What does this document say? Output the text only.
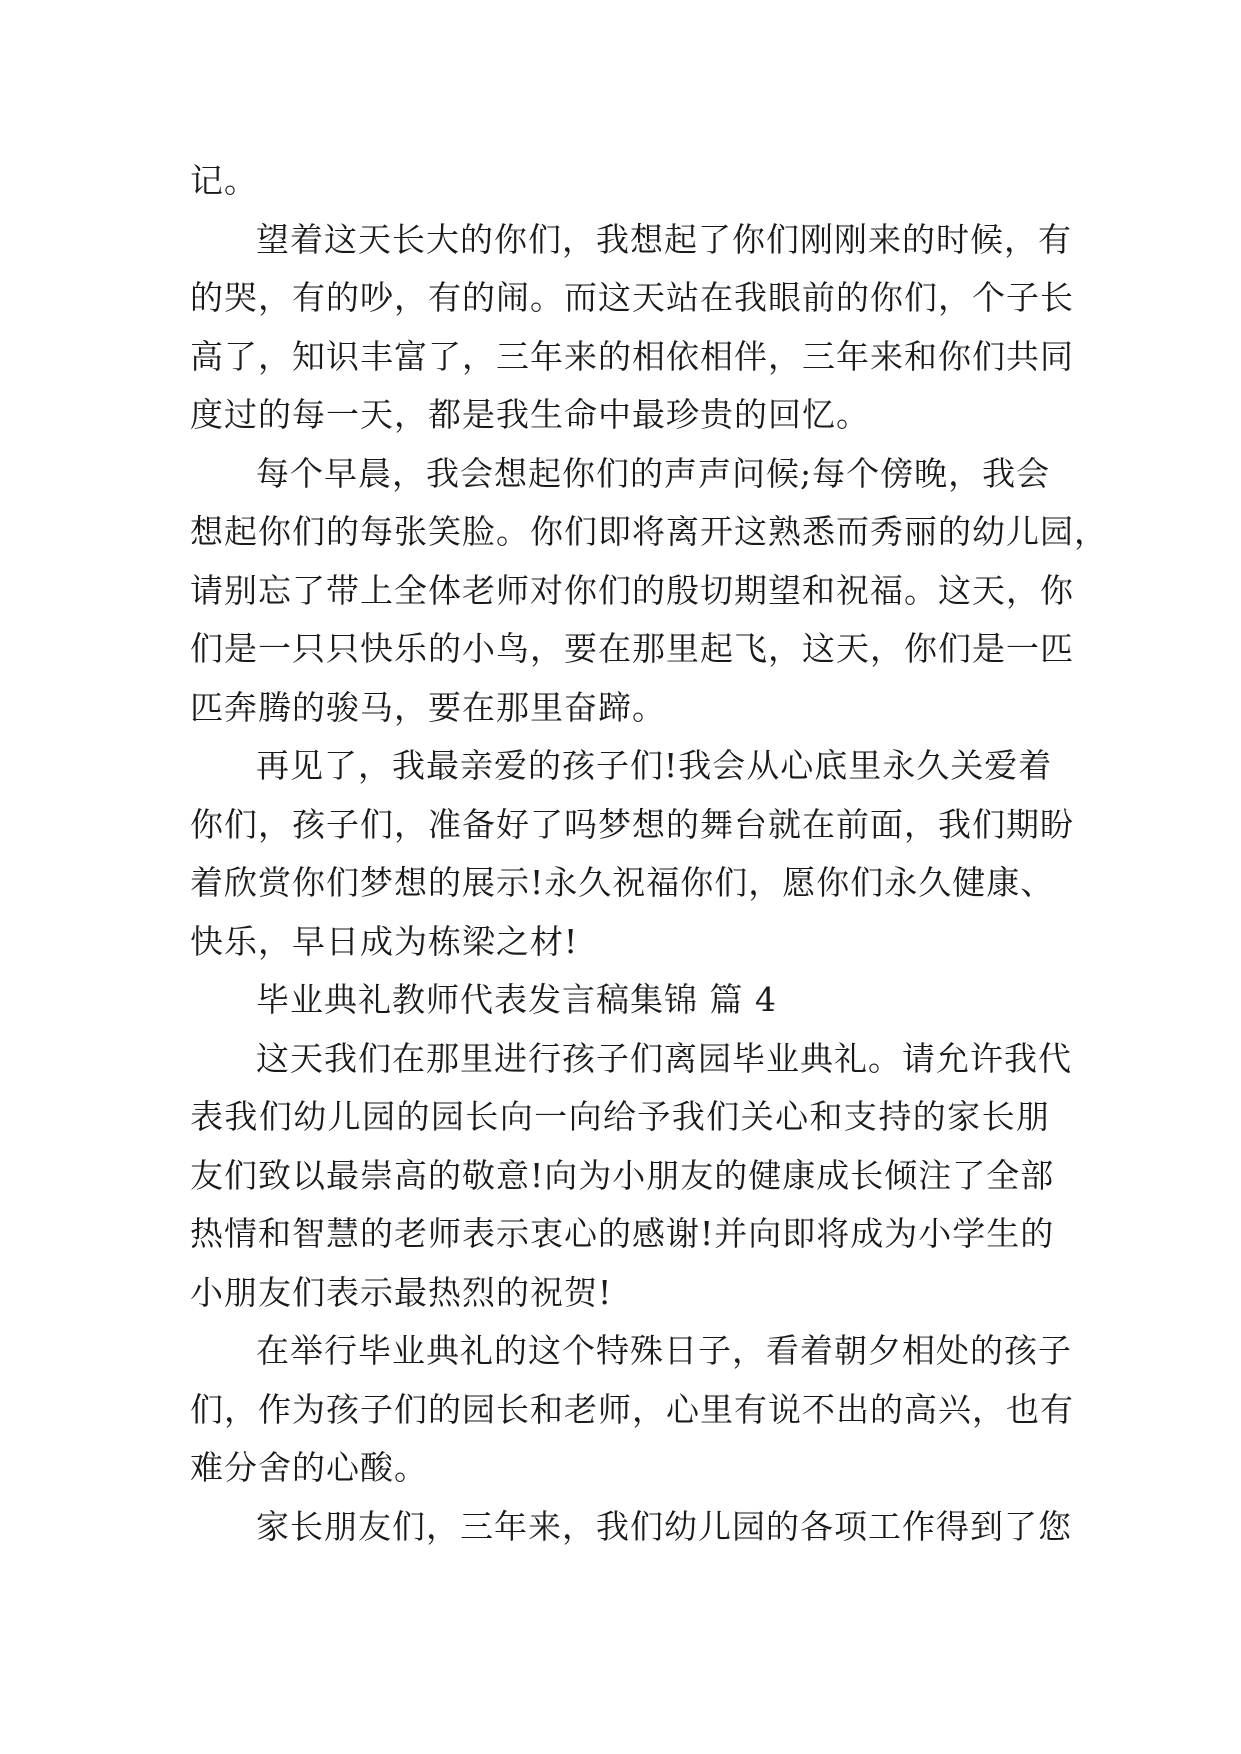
记。
望着这天长大的你们，我想起了你们刚刚来的时候，有
的哭，有的吵，有的闹。而这天站在我眼前的你们，个子长
高了，知识丰富了，三年来的相依相伴，三年来和你们共同
度过的每一天，都是我生命中最珍贵的回忆。
每个早晨，我会想起你们的声声问候;每个傍晚，我会
想起你们的每张笑脸。你们即将离开这熟悉而秀丽的幼儿园，
请别忘了带上全体老师对你们的殷切期望和祝福。这天，你
们是一只只快乐的小鸟，要在那里起飞，这天，你们是一匹
匹奔腾的骏马，要在那里奋蹄。
再见了，我最亲爱的孩子们!我会从心底里永久关爱着
你们，孩子们，准备好了吗梦想的舞台就在前面，我们期盼
着欣赏你们梦想的展示!永久祝福你们，愿你们永久健康、
快乐，早日成为栋梁之材!
毕业典礼教师代表发言稿集锦 篇 4
这天我们在那里进行孩子们离园毕业典礼。请允许我代
表我们幼儿园的园长向一向给予我们关心和支持的家长朋
友们致以最崇高的敬意!向为小朋友的健康成长倾注了全部
热情和智慧的老师表示衷心的感谢!并向即将成为小学生的
小朋友们表示最热烈的祝贺!
在举行毕业典礼的这个特殊日子，看着朝夕相处的孩子
们，作为孩子们的园长和老师，心里有说不出的高兴，也有
难分舍的心酸。
家长朋友们，三年来，我们幼儿园的各项工作得到了您
